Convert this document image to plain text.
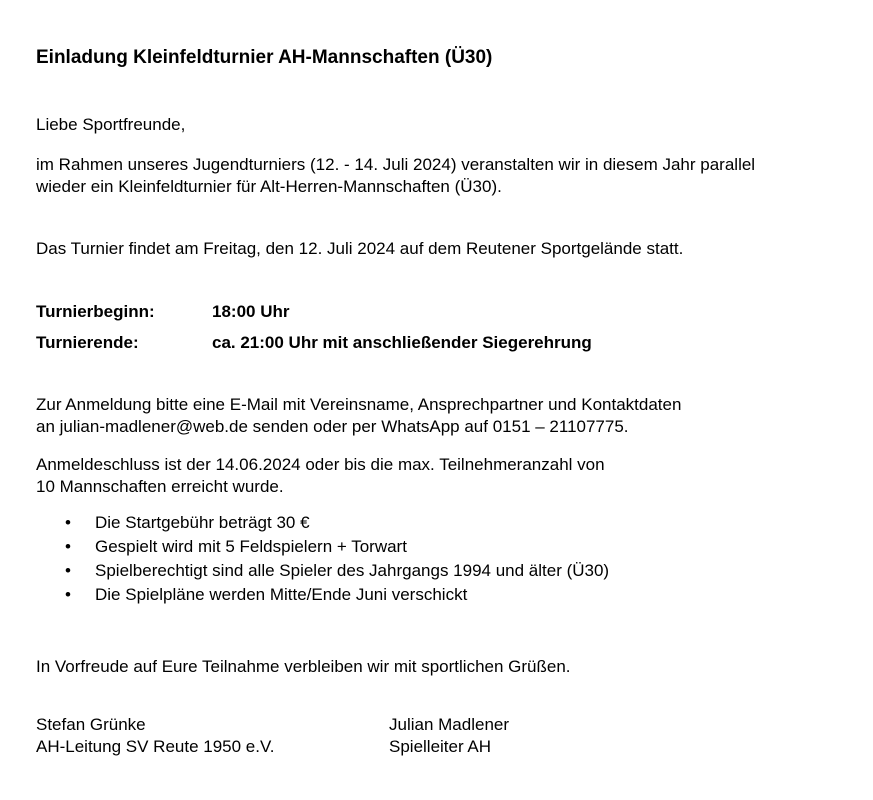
Einladung Kleinfeldturnier AH-Mannschaften (Ü30)
Liebe Sportfreunde,
im Rahmen unseres Jugendturniers (12. - 14. Juli 2024) veranstalten wir in diesem Jahr parallel
wieder ein Kleinfeldturnier für Alt-Herren-Mannschaften (Ü30).
Das Turnier findet am Freitag, den 12. Juli 2024 auf dem Reutener Sportgelände statt.
Turnierbeginn:	18:00 Uhr
Turnierende:	ca. 21:00 Uhr mit anschließender Siegerehrung
Zur Anmeldung bitte eine E-Mail mit Vereinsname, Ansprechpartner und Kontaktdaten
an julian-madlener@web.de senden oder per WhatsApp auf 0151 – 21107775.
Anmeldeschluss ist der 14.06.2024 oder bis die max. Teilnehmeranzahl von
10 Mannschaften erreicht wurde.
• Die Startgebühr beträgt 30 €
• Gespielt wird mit 5 Feldspielern + Torwart
• Spielberechtigt sind alle Spieler des Jahrgangs 1994 und älter (Ü30)
• Die Spielpläne werden Mitte/Ende Juni verschickt
In Vorfreude auf Eure Teilnahme verbleiben wir mit sportlichen Grüßen.
Stefan Grünke
AH-Leitung SV Reute 1950 e.V.
Julian Madlener
Spielleiter AH
